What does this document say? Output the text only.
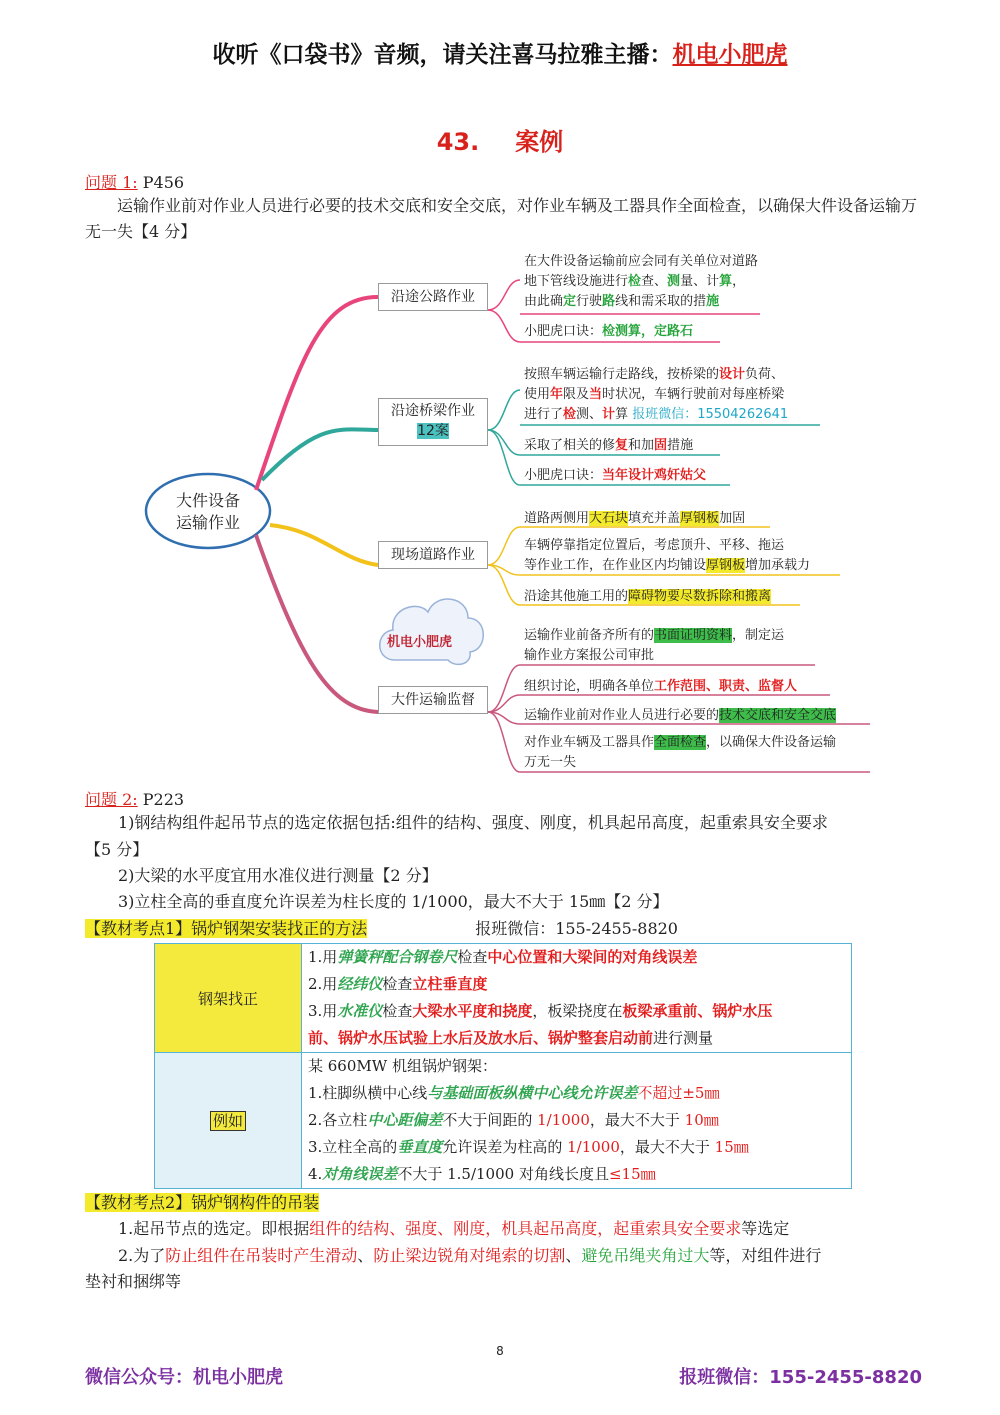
收听《口袋书》音频，请关注喜马拉雅主播：机电小肥虎
43. 案例
问题 1: P456
运输作业前对作业人员进行必要的技术交底和安全交底，对作业车辆及工器具作全面检查，以确保大件设备运输万无一失【4 分】
大件设备
运输作业
沿途公路作业
沿途桥梁作业
12案
现场道路作业
大件运输监督
机电小肥虎
在大件设备运输前应会同有关单位对道路
地下管线设施进行检查、测量、计算，
由此确定行驶路线和需采取的措施
小肥虎口诀：检测算，定路石
按照车辆运输行走路线，按桥梁的设计负荷、
使用年限及当时状况，车辆行驶前对每座桥梁
进行了检测、计算 报班微信：15504262641
采取了相关的修复和加固措施
小肥虎口诀：当年设计鸡奸姑父
道路两侧用大石块填充并盖厚钢板加固
车辆停靠指定位置后，考虑顶升、平移、拖运
等作业工作，在作业区内均铺设厚钢板增加承载力
沿途其他施工用的障碍物要尽数拆除和搬离
运输作业前备齐所有的书面证明资料，制定运
输作业方案报公司审批
组织讨论，明确各单位工作范围、职责、监督人
运输作业前对作业人员进行必要的技术交底和安全交底
对作业车辆及工器具作全面检查，以确保大件设备运输
万无一失
问题 2: P223
1)钢结构组件起吊节点的选定依据包括:组件的结构、强度、刚度，机具起吊高度，起重索具安全要求
【5 分】
2)大梁的水平度宜用水准仪进行测量【2 分】
3)立柱全高的垂直度允许误差为柱长度的 1/1000，最大不大于 15㎜【2 分】
【教材考点1】锅炉钢架安装找正的方法	报班微信：155-2455-8820
钢架找正	1.用弹簧秤配合钢卷尺检查中心位置和大梁间的对角线误差
2.用经纬仪检查立柱垂直度
3.用水准仪检查大梁水平度和挠度，板梁挠度在板梁承重前、锅炉水压
前、锅炉水压试验上水后及放水后、锅炉整套启动前进行测量

例如	某 660MW 机组锅炉钢架：
1.柱脚纵横中心线与基础面板纵横中心线允许误差不超过±5㎜
2.各立柱中心距偏差不大于间距的 1/1000，最大不大于 10㎜
3.立柱全高的垂直度允许误差为柱高的 1/1000，最大不大于 15㎜
4.对角线误差不大于 1.5/1000 对角线长度且≤15㎜
【教材考点2】锅炉钢构件的吊装
1.起吊节点的选定。即根据组件的结构、强度、刚度，机具起吊高度，起重索具安全要求等选定
2.为了防止组件在吊装时产生滑动、防止梁边锐角对绳索的切割、避免吊绳夹角过大等，对组件进行
垫衬和捆绑等
8
微信公众号：机电小肥虎	报班微信：155-2455-8820
